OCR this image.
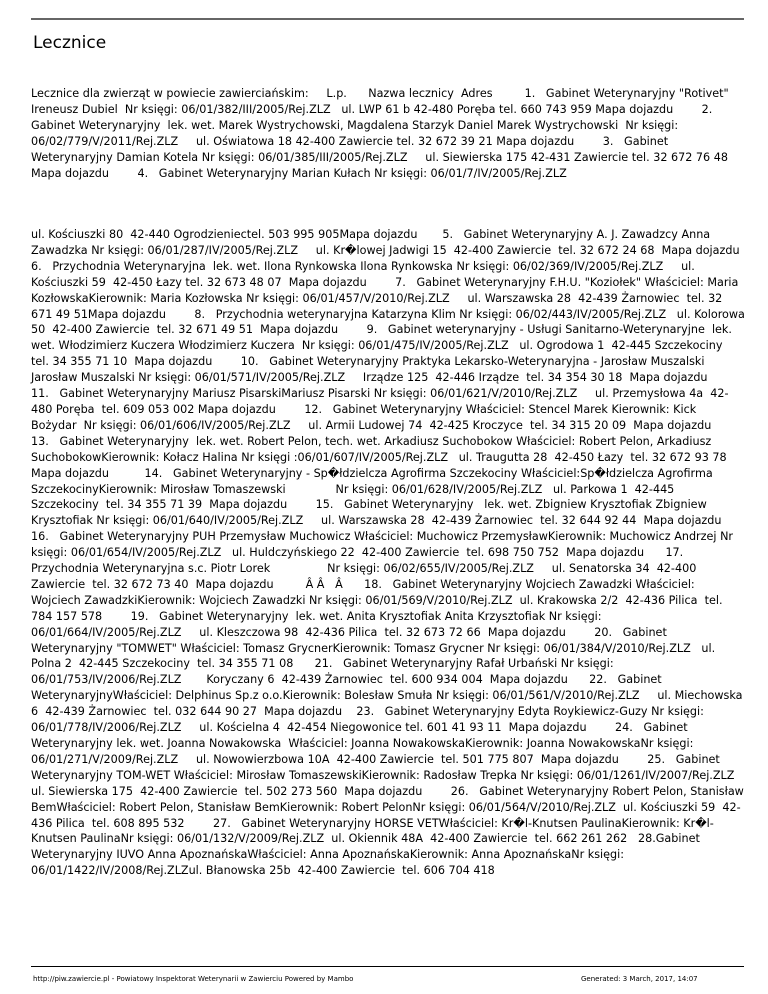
Lecznice

Lecznice dla zwierząt w powiecie zawierciańskim:     L.p.      Nazwa lecznicy  Adres         1.   Gabinet Weterynaryjny "Rotivet" Ireneusz Dubiel  Nr księgi: 06/01/382/III/2005/Rej.ZLZ   ul. LWP 61 b 42-480 Poręba tel. 660 743 959 Mapa dojazdu        2.   Gabinet Weterynaryjny  lek. wet. Marek Wystrychowski, Magdalena Starzyk Daniel Marek Wystrychowski  Nr księgi: 06/02/779/V/2011/Rej.ZLZ     ul. Oświatowa 18 42-400 Zawiercie tel. 32 672 39 21 Mapa dojazdu        3.   Gabinet Weterynaryjny Damian Kotela Nr księgi: 06/01/385/III/2005/Rej.ZLZ     ul. Siewierska 175 42-431 Zawiercie tel. 32 672 76 48 Mapa dojazdu        4.   Gabinet Weterynaryjny Marian Kułach Nr księgi: 06/01/7/IV/2005/Rej.ZLZ

ul. Kościuszki 80  42-440 Ogrodzieniectel. 503 995 905Mapa dojazdu       5.   Gabinet Weterynaryjny A. J. Zawadzcy Anna Zawadzka Nr księgi: 06/01/287/IV/2005/Rej.ZLZ     ul. Kr�lowej Jadwigi 15  42-400 Zawiercie  tel. 32 672 24 68  Mapa dojazdu        6.   Przychodnia Weterynaryjna  lek. wet. Ilona Rynkowska Ilona Rynkowska Nr księgi: 06/02/369/IV/2005/Rej.ZLZ     ul. Kościuszki 59  42-450 Łazy tel. 32 673 48 07  Mapa dojazdu        7.   Gabinet Weterynaryjny F.H.U. "Koziołek" Właściciel: Maria KozłowskaKierownik: Maria Kozłowska Nr księgi: 06/01/457/V/2010/Rej.ZLZ     ul. Warszawska 28  42-439 Żarnowiec  tel. 32 671 49 51Mapa dojazdu        8.   Przychodnia weterynaryjna Katarzyna Klim Nr księgi: 06/02/443/IV/2005/Rej.ZLZ   ul. Kolorowa 50  42-400 Zawiercie  tel. 32 671 49 51  Mapa dojazdu        9.   Gabinet weterynaryjny - Usługi Sanitarno-Weterynaryjne  lek. wet. Włodzimierz Kuczera Włodzimierz Kuczera  Nr księgi: 06/01/475/IV/2005/Rej.ZLZ   ul. Ogrodowa 1  42-445 Szczekociny  tel. 34 355 71 10  Mapa dojazdu        10.   Gabinet Weterynaryjny Praktyka Lekarsko-Weterynaryjna - Jarosław Muszalski Jarosław Muszalski Nr księgi: 06/01/571/IV/2005/Rej.ZLZ     Irządze 125  42-446 Irządze  tel. 34 354 30 18  Mapa dojazdu        11.   Gabinet Weterynaryjny Mariusz PisarskiMariusz Pisarski Nr księgi: 06/01/621/V/2010/Rej.ZLZ     ul. Przemysłowa 4a  42-480 Poręba  tel. 609 053 002 Mapa dojazdu        12.   Gabinet Weterynaryjny Właściciel: Stencel Marek Kierownik: Kick Bożydar  Nr księgi: 06/01/606/IV/2005/Rej.ZLZ     ul. Armii Ludowej 74  42-425 Kroczyce  tel. 34 315 20 09  Mapa dojazdu        13.   Gabinet Weterynaryjny  lek. wet. Robert Pelon, tech. wet. Arkadiusz Suchobokow Właściciel: Robert Pelon, Arkadiusz SuchobokowKierownik: Kołacz Halina Nr księgi :06/01/607/IV/2005/Rej.ZLZ   ul. Traugutta 28  42-450 Łazy  tel. 32 672 93 78  Mapa dojazdu          14.   Gabinet Weterynaryjny - Sp�łdzielcza Agrofirma Szczekociny Właściciel:Sp�łdzielcza Agrofirma SzczekocinyKierownik: Mirosław Tomaszewski              Nr księgi: 06/01/628/IV/2005/Rej.ZLZ   ul. Parkowa 1  42-445 Szczekociny  tel. 34 355 71 39  Mapa dojazdu        15.   Gabinet Weterynaryjny   lek. wet. Zbigniew Krysztofiak Zbigniew Krysztofiak Nr księgi: 06/01/640/IV/2005/Rej.ZLZ     ul. Warszawska 28  42-439 Żarnowiec  tel. 32 644 92 44  Mapa dojazdu        16.   Gabinet Weterynaryjny PUH Przemysław Muchowicz Właściciel: Muchowicz PrzemysławKierownik: Muchowicz Andrzej Nr księgi: 06/01/654/IV/2005/Rej.ZLZ   ul. Huldczyńskiego 22  42-400 Zawiercie  tel. 698 750 752  Mapa dojazdu      17.   Przychodnia Weterynaryjna s.c. Piotr Lorek                Nr księgi: 06/02/655/IV/2005/Rej.ZLZ     ul. Senatorska 34  42-400 Zawiercie  tel. 32 672 73 40  Mapa dojazdu         Â Â   Â      18.   Gabinet Weterynaryjny Wojciech Zawadzki Właściciel: Wojciech ZawadzkiKierownik: Wojciech Zawadzki Nr księgi: 06/01/569/V/2010/Rej.ZLZ  ul. Krakowska 2/2  42-436 Pilica  tel. 784 157 578        19.   Gabinet Weterynaryjny  lek. wet. Anita Krysztofiak Anita Krzysztofiak Nr księgi: 06/01/664/IV/2005/Rej.ZLZ     ul. Kleszczowa 98  42-436 Pilica  tel. 32 673 72 66  Mapa dojazdu        20.   Gabinet Weterynaryjny "TOMWET" Właściciel: Tomasz GrycnerKierownik: Tomasz Grycner Nr księgi: 06/01/384/V/2010/Rej.ZLZ   ul. Polna 2  42-445 Szczekociny  tel. 34 355 71 08      21.   Gabinet Weterynaryjny Rafał Urbański Nr księgi: 06/01/753/IV/2006/Rej.ZLZ       Koryczany 6  42-439 Żarnowiec  tel. 600 934 004  Mapa dojazdu      22.   Gabinet WeterynaryjnyWłaściciel: Delphinus Sp.z o.o.Kierownik: Bolesław Smuła Nr księgi: 06/01/561/V/2010/Rej.ZLZ     ul. Miechowska 6  42-439 Żarnowiec  tel. 032 644 90 27  Mapa dojazdu    23.   Gabinet Weterynaryjny Edyta Roykiewicz-Guzy Nr księgi: 06/01/778/IV/2006/Rej.ZLZ     ul. Kościelna 4  42-454 Niegowonice tel. 601 41 93 11  Mapa dojazdu        24.   Gabinet Weterynaryjny lek. wet. Joanna Nowakowska  Właściciel: Joanna NowakowskaKierownik: Joanna NowakowskaNr księgi: 06/01/271/V/2009/Rej.ZLZ     ul. Nowowierzbowa 10A  42-400 Zawiercie  tel. 501 775 807  Mapa dojazdu        25.   Gabinet Weterynaryjny TOM-WET Właściciel: Mirosław TomaszewskiKierownik: Radosław Trepka Nr księgi: 06/01/1261/IV/2007/Rej.ZLZ     ul. Siewierska 175  42-400 Zawiercie  tel. 502 273 560  Mapa dojazdu        26.   Gabinet Weterynaryjny Robert Pelon, Stanisław BemWłaściciel: Robert Pelon, Stanisław BemKierownik: Robert PelonNr księgi: 06/01/564/V/2010/Rej.ZLZ  ul. Kościuszki 59  42-436 Pilica  tel. 608 895 532        27.   Gabinet Weterynaryjny HORSE VETWłaściciel: Kr�l-Knutsen PaulinaKierownik: Kr�l-Knutsen PaulinaNr księgi: 06/01/132/V/2009/Rej.ZLZ  ul. Okiennik 48A  42-400 Zawiercie  tel. 662 261 262   28.Gabinet Weterynaryjny IUVO Anna ApoznańskaWłaściciel: Anna ApoznańskaKierownik: Anna ApoznańskaNr księgi: 06/01/1422/IV/2008/Rej.ZLZul. Błanowska 25b  42-400 Zawiercie  tel. 606 704 418

http://piw.zawiercie.pl - Powiatowy Inspektorat Weterynarii w Zawierciu Powered by Mambo	Generated: 3 March, 2017, 14:07
